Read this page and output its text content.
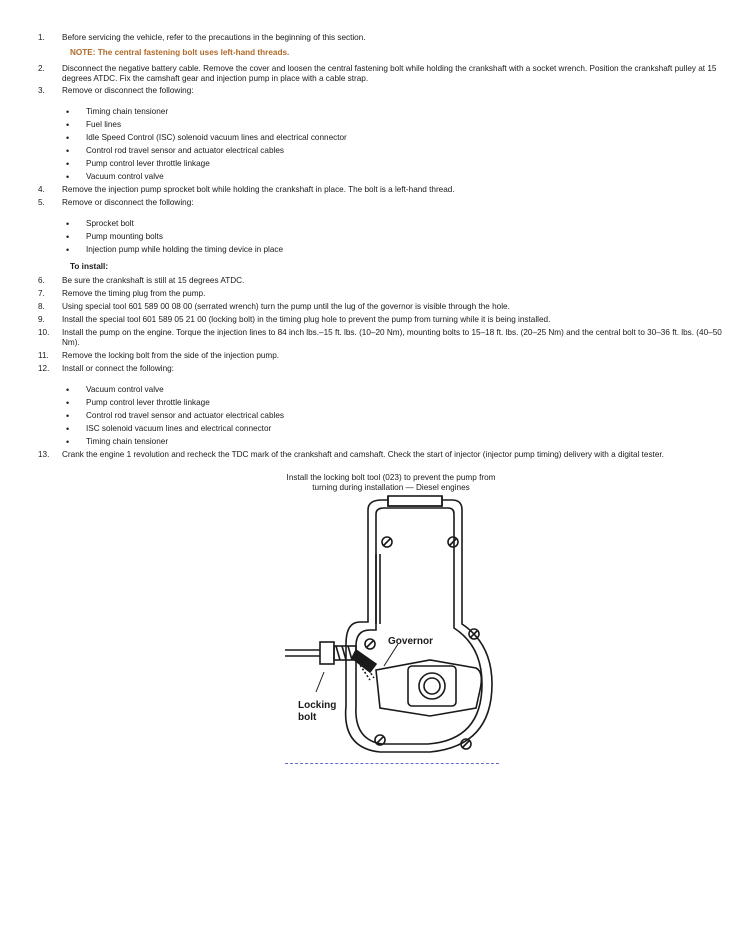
1.	Before servicing the vehicle, refer to the precautions in the beginning of this section.
NOTE: The central fastening bolt uses left-hand threads.
2.	Disconnect the negative battery cable. Remove the cover and loosen the central fastening bolt while holding the crankshaft with a socket wrench. Position the crankshaft pulley at 15 degrees ATDC. Fix the camshaft gear and injection pump in place with a cable strap.
3.	Remove or disconnect the following:
• Timing chain tensioner
• Fuel lines
• Idle Speed Control (ISC) solenoid vacuum lines and electrical connector
• Control rod travel sensor and actuator electrical cables
• Pump control lever throttle linkage
• Vacuum control valve
4.	Remove the injection pump sprocket bolt while holding the crankshaft in place. The bolt is a left-hand thread.
5.	Remove or disconnect the following:
• Sprocket bolt
• Pump mounting bolts
• Injection pump while holding the timing device in place
To install:
6.	Be sure the crankshaft is still at 15 degrees ATDC.
7.	Remove the timing plug from the pump.
8.	Using special tool 601 589 00 08 00 (serrated wrench) turn the pump until the lug of the governor is visible through the hole.
9.	Install the special tool 601 589 05 21 00 (locking bolt) in the timing plug hole to prevent the pump from turning while it is being installed.
10.	Install the pump on the engine. Torque the injection lines to 84 inch lbs.–15 ft. lbs. (10–20 Nm), mounting bolts to 15–18 ft. lbs. (20–25 Nm) and the central bolt to 30–36 ft. lbs. (40–50 Nm).
11.	Remove the locking bolt from the side of the injection pump.
12.	Install or connect the following:
• Vacuum control valve
• Pump control lever throttle linkage
• Control rod travel sensor and actuator electrical cables
• ISC solenoid vacuum lines and electrical connector
• Timing chain tensioner
13.	Crank the engine 1 revolution and recheck the TDC mark of the crankshaft and camshaft. Check the start of injector (injector pump timing) delivery with a digital tester.
Install the locking bolt tool (023) to prevent the pump from
turning during installation — Diesel engines
Governor
Locking
bolt
